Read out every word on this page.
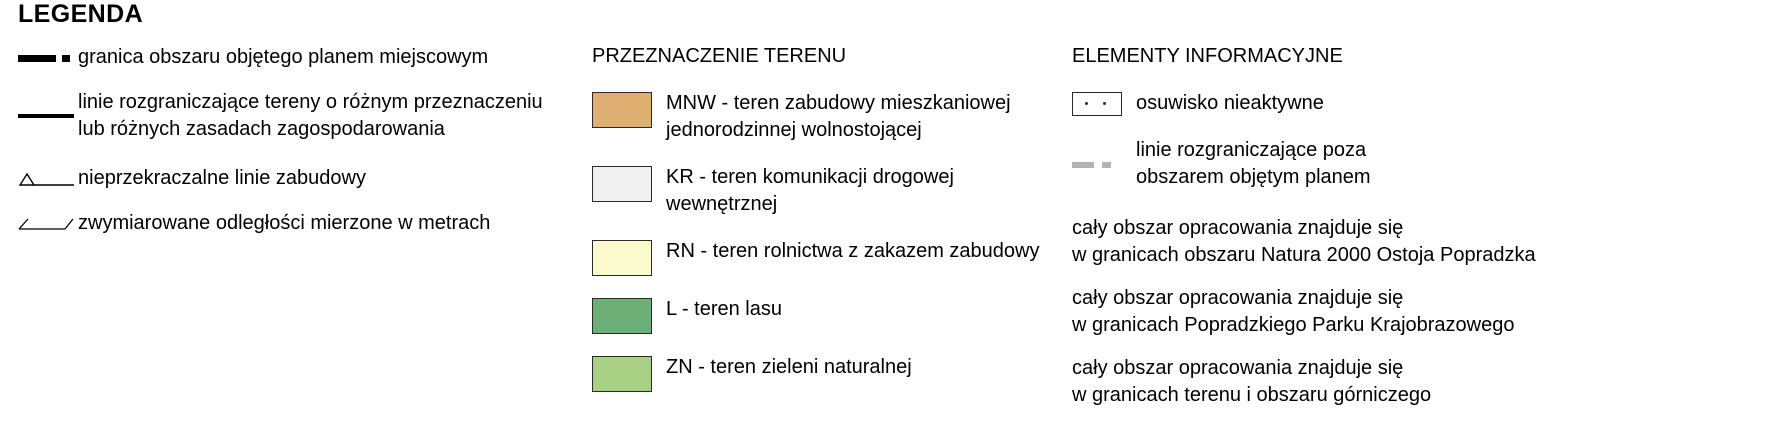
LEGENDA
granica obszaru objętego planem miejscowym
linie rozgraniczające tereny o różnym przeznaczeniu
lub różnych zasadach zagospodarowania
nieprzekraczalne linie zabudowy
zwymiarowane odległości mierzone w metrach
PRZEZNACZENIE TERENU
MNW - teren zabudowy mieszkaniowej
jednorodzinnej wolnostojącej
KR - teren komunikacji drogowej
wewnętrznej
RN - teren rolnictwa z zakazem zabudowy
L - teren lasu
ZN - teren zieleni naturalnej
ELEMENTY INFORMACYJNE
osuwisko nieaktywne
linie rozgraniczające poza
obszarem objętym planem
cały obszar opracowania znajduje się
w granicach obszaru Natura 2000 Ostoja Popradzka
cały obszar opracowania znajduje się
w granicach Popradzkiego Parku Krajobrazowego
cały obszar opracowania znajduje się
w granicach terenu i obszaru górniczego
